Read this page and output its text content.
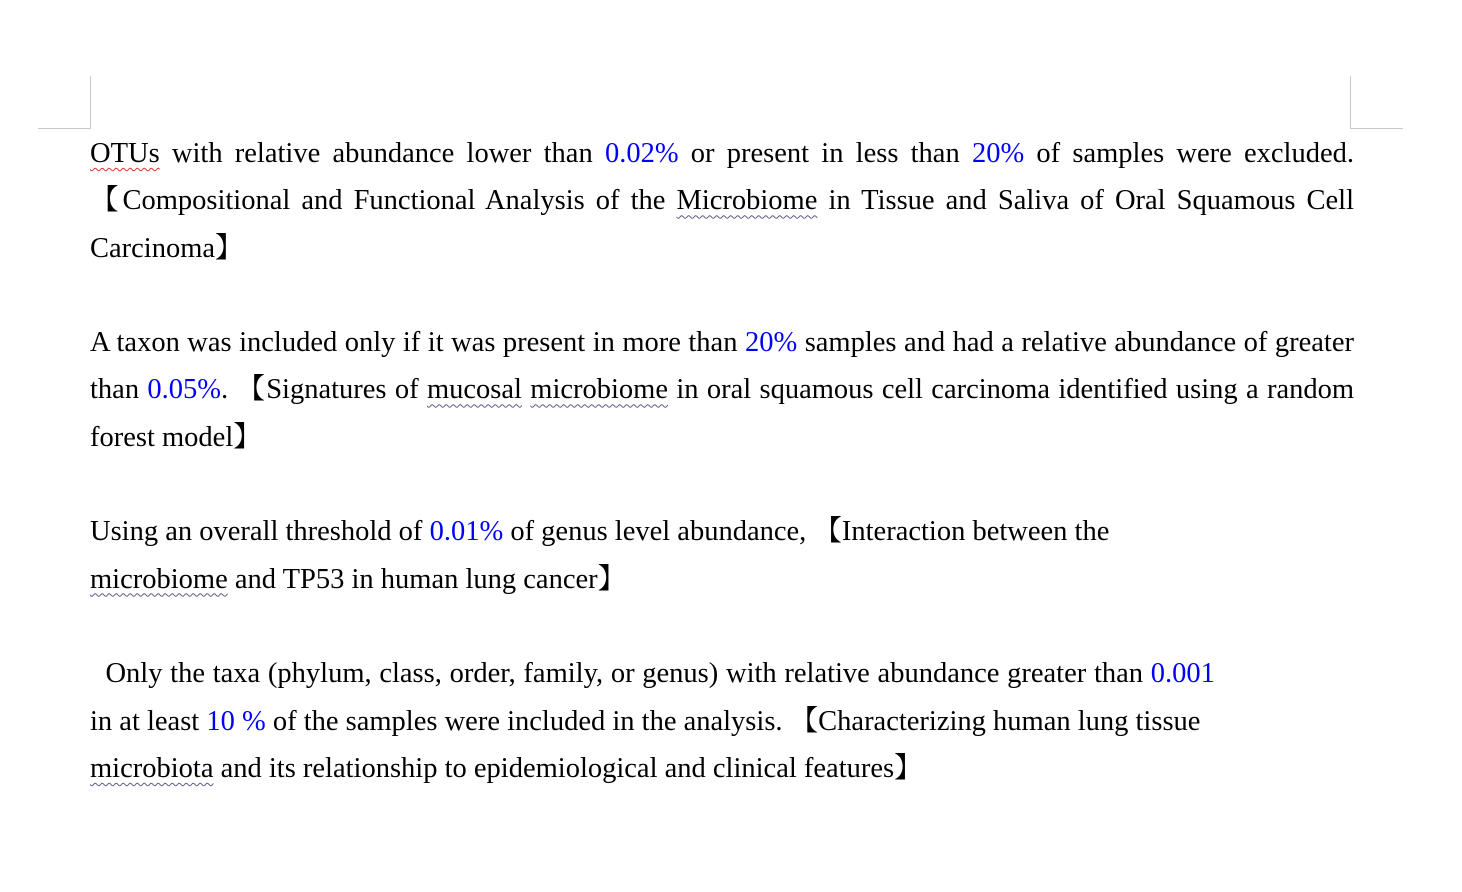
OTUs with relative abundance lower than 0.02% or present in less than 20% of samples were excluded. 【Compositional and Functional Analysis of the Microbiome in Tissue and Saliva of Oral Squamous Cell Carcinoma】

A taxon was included only if it was present in more than 20% samples and had a relative abundance of greater than 0.05%. 【Signatures of mucosal microbiome in oral squamous cell carcinoma identified using a random forest model】

Using an overall threshold of 0.01% of genus level abundance, 【Interaction between the
microbiome and TP53 in human lung cancer】

Only the taxa (phylum, class, order, family, or genus) with relative abundance greater than 0.001
in at least 10 % of the samples were included in the analysis. 【Characterizing human lung tissue
microbiota and its relationship to epidemiological and clinical features】
